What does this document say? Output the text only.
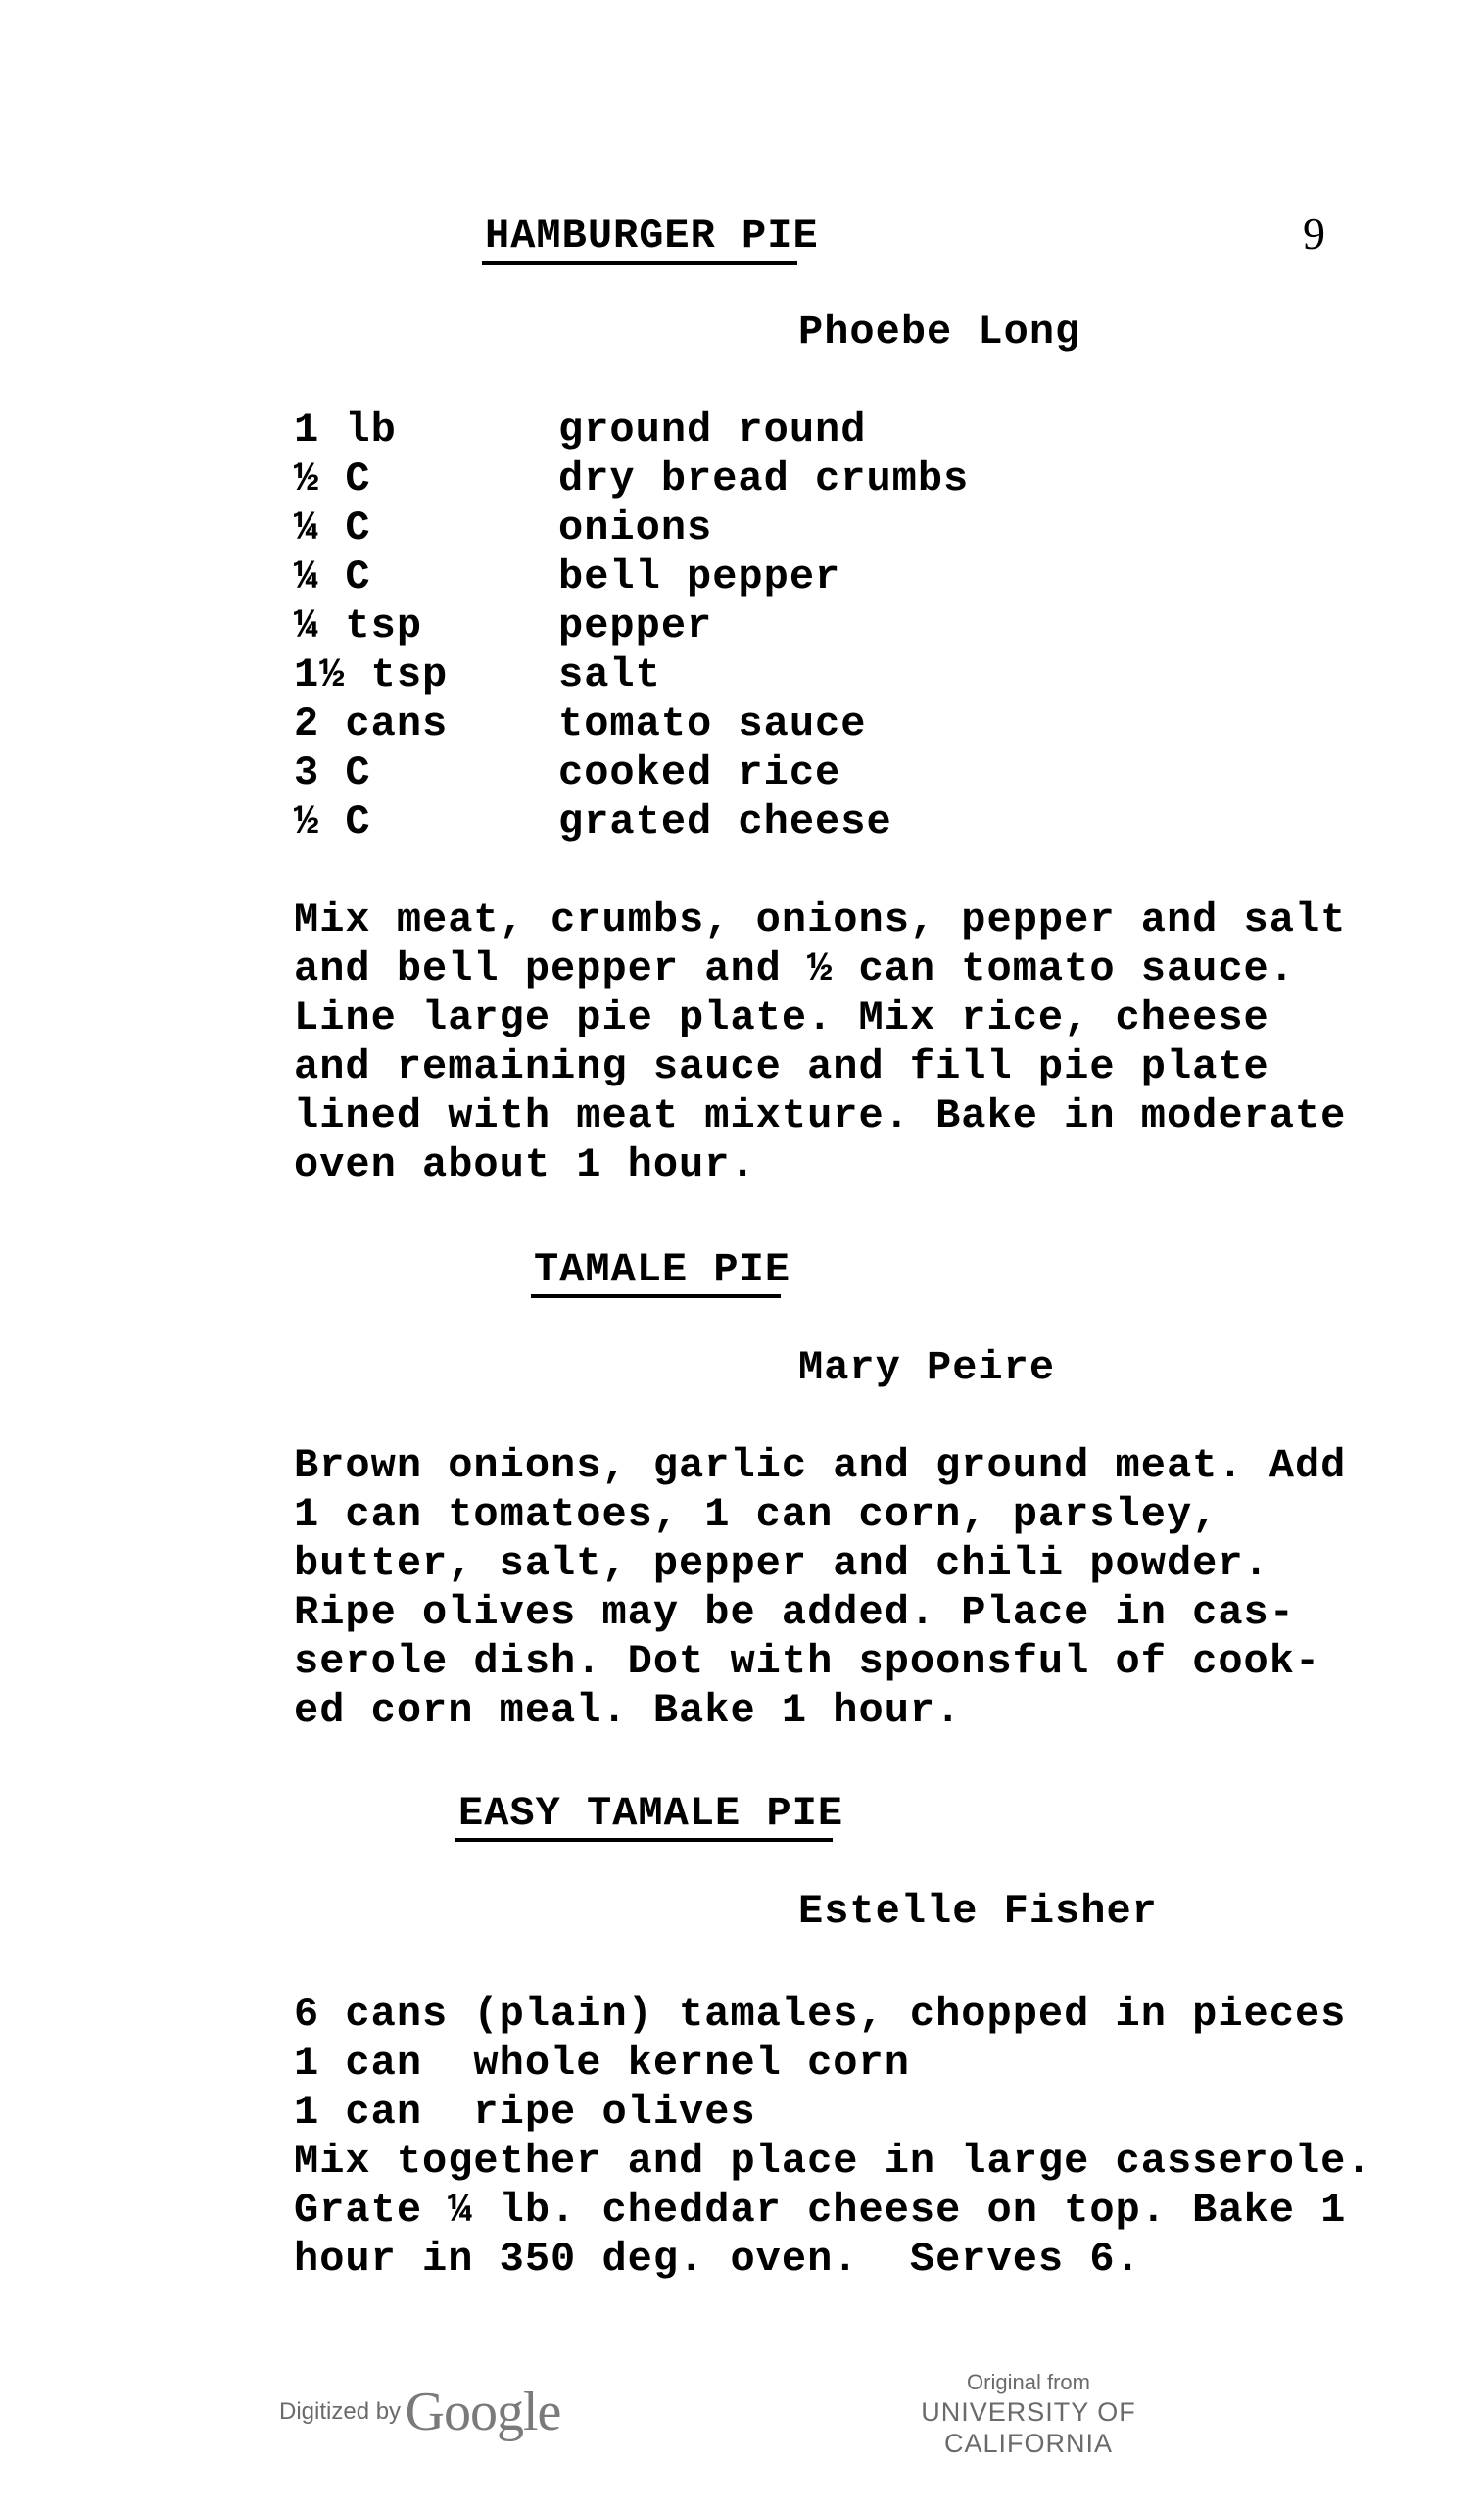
HAMBURGER PIE	9
Phoebe Long
1 lb	ground round
½ C	dry bread crumbs
¼ C	onions
¼ C	bell pepper
¼ tsp	pepper
1½ tsp	salt
2 cans	tomato sauce
3 C	cooked rice
½ C	grated cheese
Mix meat, crumbs, onions, pepper and salt
and bell pepper and ½ can tomato sauce.
Line large pie plate. Mix rice, cheese
and remaining sauce and fill pie plate
lined with meat mixture. Bake in moderate
oven about 1 hour.
TAMALE PIE
Mary Peire
Brown onions, garlic and ground meat. Add
1 can tomatoes, 1 can corn, parsley,
butter, salt, pepper and chili powder.
Ripe olives may be added. Place in cas-
serole dish. Dot with spoonsful of cook-
ed corn meal. Bake 1 hour.
EASY TAMALE PIE
Estelle Fisher
6 cans (plain) tamales, chopped in pieces
1 can  whole kernel corn
1 can  ripe olives
Mix together and place in large casserole.
Grate ¼ lb. cheddar cheese on top. Bake 1
hour in 350 deg. oven.  Serves 6.
Digitized by Google	Original from
UNIVERSITY OF CALIFORNIA
